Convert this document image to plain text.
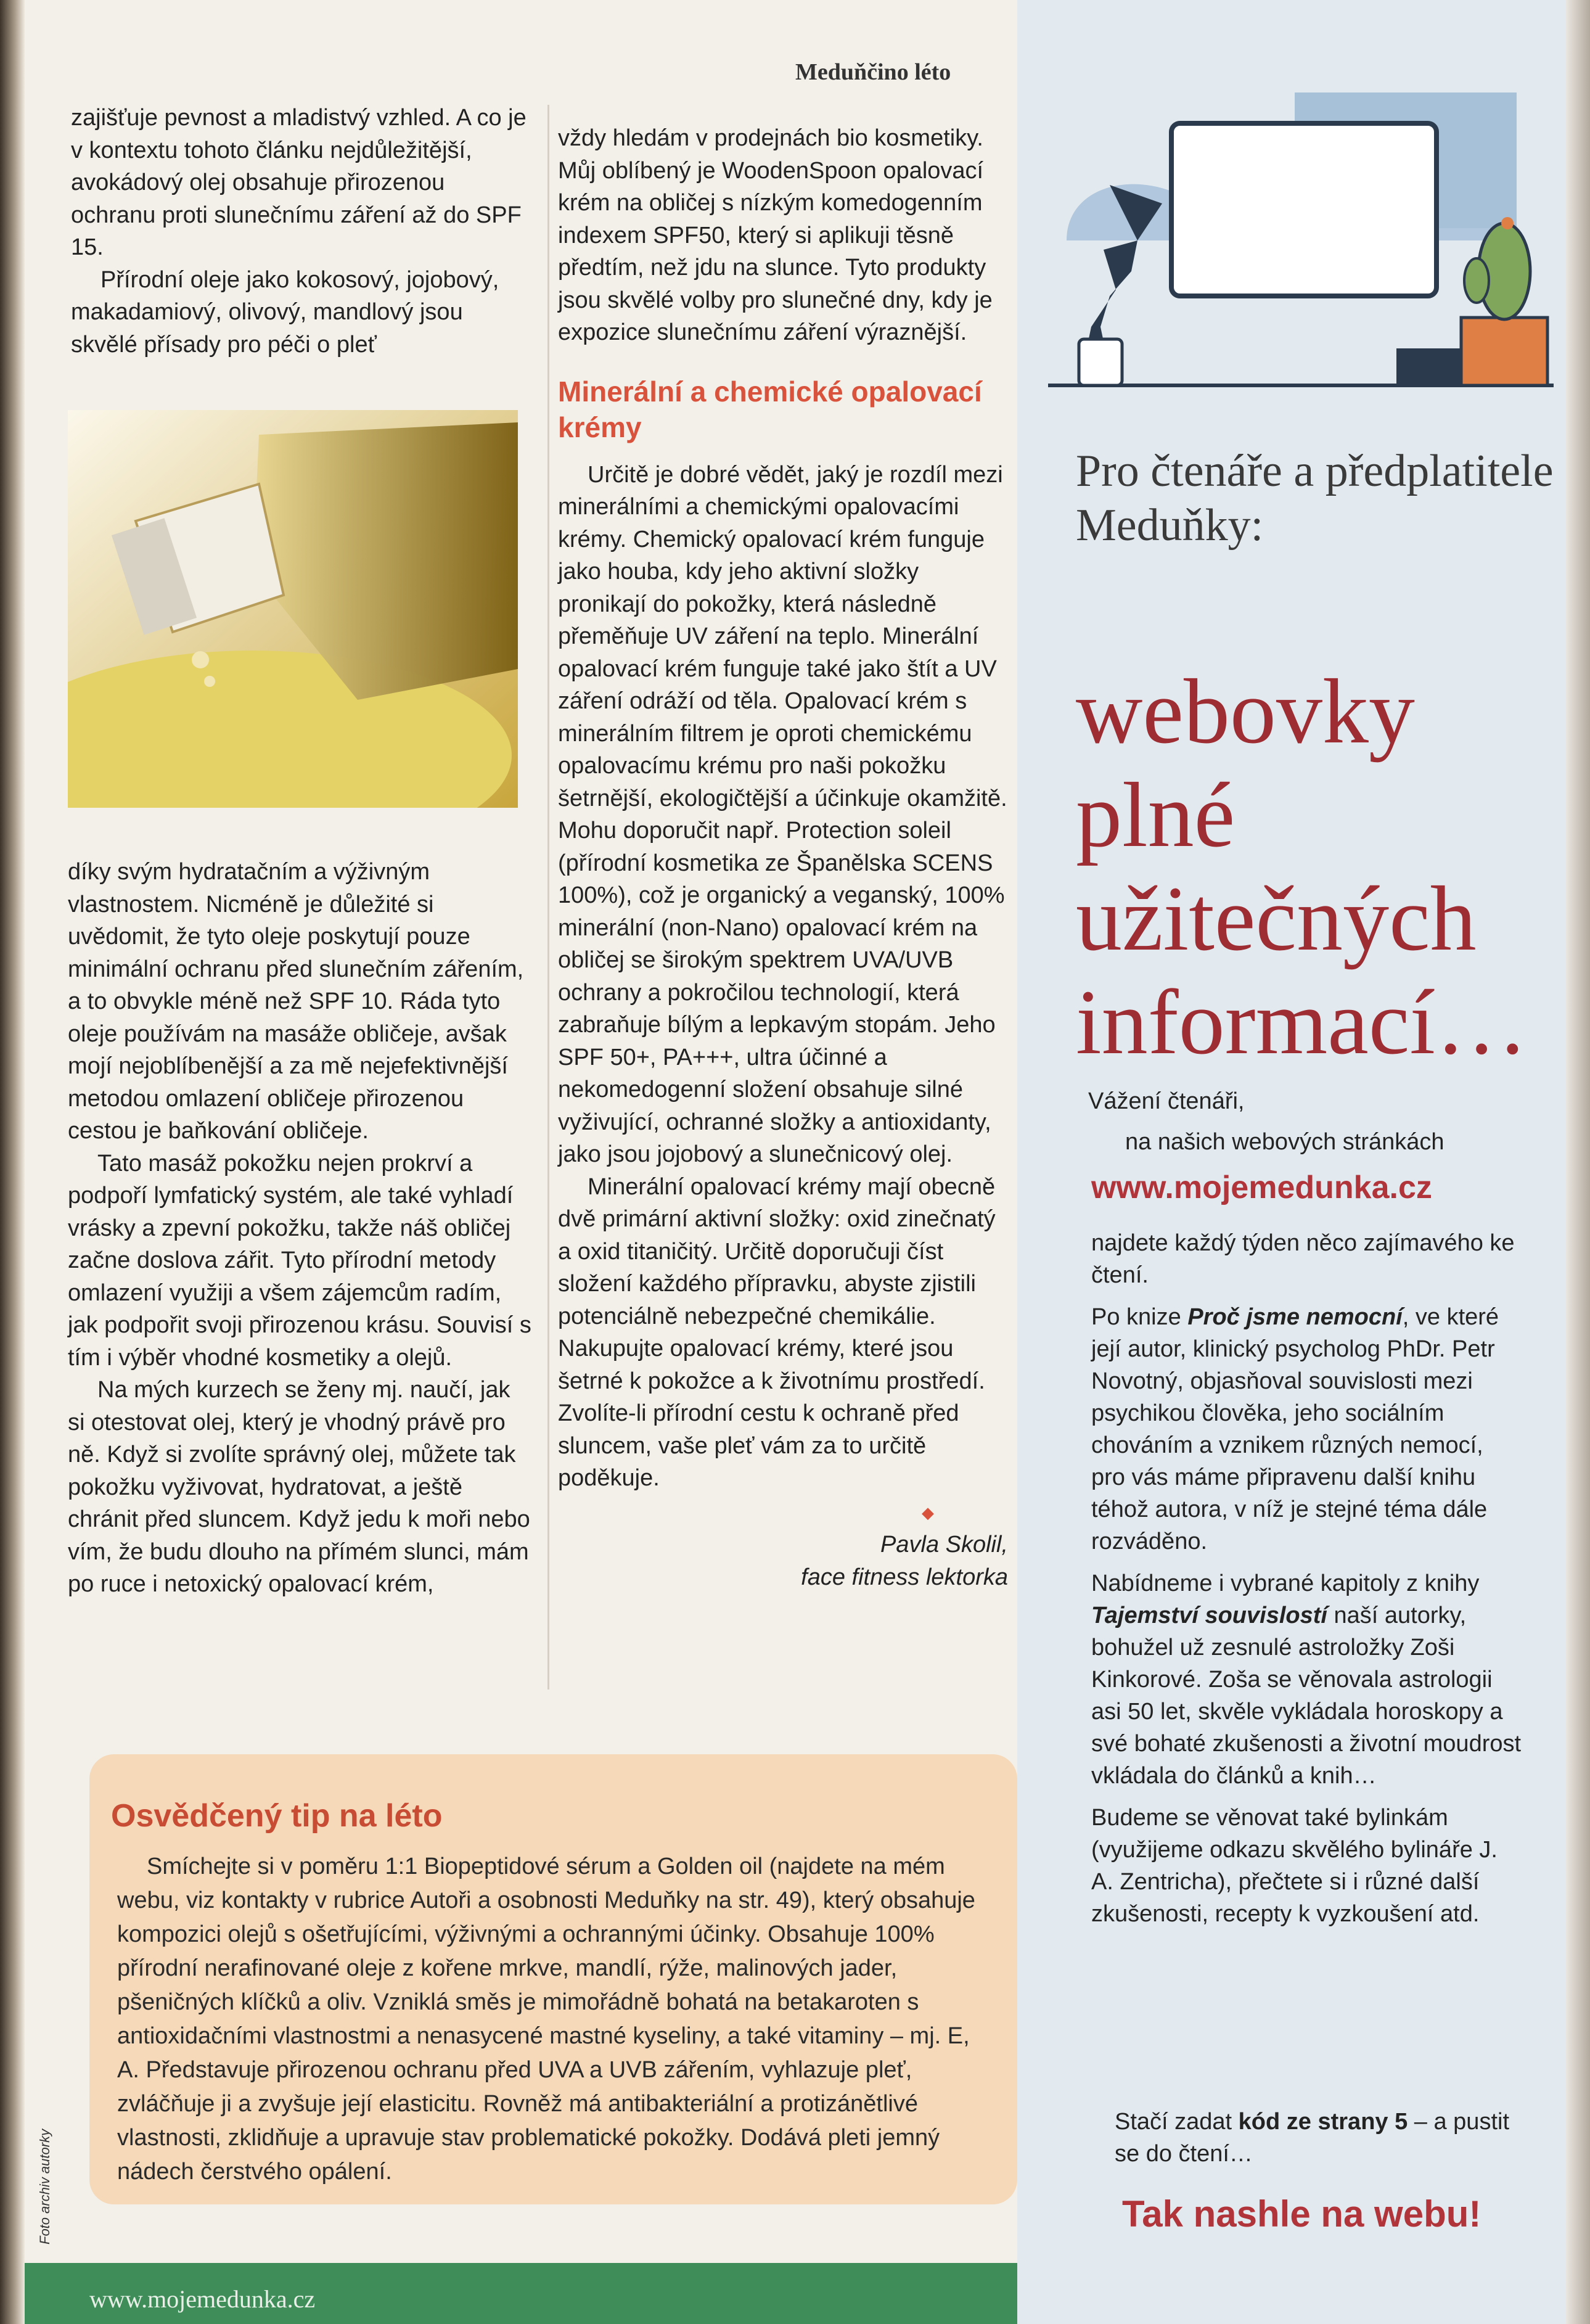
Meduňčino léto

zajišťuje pevnost a mladistvý vzhled. A co je v kontextu tohoto článku nejdůležitější, avokádový olej obsahuje přirozenou ochranu proti slunečnímu záření až do SPF 15.

Přírodní oleje jako kokosový, jojobový, makadamiový, olivový, mandlový jsou skvělé přísady pro péči o pleť

díky svým hydratačním a výživným vlastnostem. Nicméně je důležité si uvědomit, že tyto oleje poskytují pouze minimální ochranu před slunečním zářením, a to obvykle méně než SPF 10. Ráda tyto oleje používám na masáže obličeje, avšak mojí nejoblíbenější a za mě nejefektivnější metodou omlazení obličeje přirozenou cestou je baňkování obličeje.

Tato masáž pokožku nejen prokrví a podpoří lymfatický systém, ale také vyhladí vrásky a zpevní pokožku, takže náš obličej začne doslova zářit. Tyto přírodní metody omlazení využiji a všem zájemcům radím, jak podpořit svoji přirozenou krásu. Souvisí s tím i výběr vhodné kosmetiky a olejů.

Na mých kurzech se ženy mj. naučí, jak si otestovat olej, který je vhodný právě pro ně. Když si zvolíte správný olej, můžete tak pokožku vyživovat, hydratovat, a ještě chránit před sluncem. Když jedu k moři nebo vím, že budu dlouho na přímém slunci, mám po ruce i netoxický opalovací krém,

vždy hledám v prodejnách bio kosmetiky. Můj oblíbený je WoodenSpoon opalovací krém na obličej s nízkým komedogenním indexem SPF50, který si aplikuji těsně předtím, než jdu na slunce. Tyto produkty jsou skvělé volby pro slunečné dny, kdy je expozice slunečnímu záření výraznější.

Minerální a chemické opalovací krémy

Určitě je dobré vědět, jaký je rozdíl mezi minerálními a chemickými opalovacími krémy. Chemický opalovací krém funguje jako houba, kdy jeho aktivní složky pronikají do pokožky, která následně přeměňuje UV záření na teplo. Minerální opalovací krém funguje také jako štít a UV záření odráží od těla. Opalovací krém s minerálním filtrem je oproti chemickému opalovacímu krému pro naši pokožku šetrnější, ekologičtější a účinkuje okamžitě. Mohu doporučit např. Protection soleil (přírodní kosmetika ze Španělska SCENS 100%), což je organický a veganský, 100% minerální (non-Nano) opalovací krém na obličej se širokým spektrem UVA/UVB ochrany a pokročilou technologií, která zabraňuje bílým a lepkavým stopám. Jeho SPF 50+, PA+++, ultra účinné a nekomedogenní složení obsahuje silné vyživující, ochranné složky a antioxidanty, jako jsou jojobový a slunečnicový olej.

Minerální opalovací krémy mají obecně dvě primární aktivní složky: oxid zinečnatý a oxid titaničitý. Určitě doporučuji číst složení každého přípravku, abyste zjistili potenciálně nebezpečné chemikálie. Nakupujte opalovací krémy, které jsou šetrné k pokožce a k životnímu prostředí. Zvolíte-li přírodní cestu k ochraně před sluncem, vaše pleť vám za to určitě poděkuje.

◆

Pavla Skolil,

face fitness lektorka

Osvědčený tip na léto

Smíchejte si v poměru 1:1 Biopeptidové sérum a Golden oil (najdete na mém webu, viz kontakty v rubrice Autoři a osobnosti Meduňky na str. 49), který obsahuje kompozici olejů s ošetřujícími, výživnými a ochrannými účinky. Obsahuje 100% přírodní nerafinované oleje z kořene mrkve, mandlí, rýže, malinových jader, pšeničných klíčků a oliv. Vzniklá směs je mimořádně bohatá na betakaroten s antioxidačními vlastnostmi a nenasycené mastné kyseliny, a také vitaminy – mj. E, A. Představuje přirozenou ochranu před UVA a UVB zářením, vyhlazuje pleť, zvláčňuje ji a zvyšuje její elasticitu. Rovněž má antibakteriální a protizánětlivé vlastnosti, zklidňuje a upravuje stav problematické pokožky. Dodává pleti jemný nádech čerstvého opálení.

Foto archiv autorky
www.mojemedunka.cz
Pro čtenáře a předplatitele Meduňky:
webovky plné užitečných informací…

Vážení čtenáři,

na našich webových stránkách

www.mojemedunka.cz

najdete každý týden něco zajímavého ke čtení.

Po knize Proč jsme nemocní, ve které její autor, klinický psycholog PhDr. Petr Novotný, objasňoval souvislosti mezi psychikou člověka, jeho sociálním chováním a vznikem různých nemocí, pro vás máme připravenu další knihu téhož autora, v níž je stejné téma dále rozváděno.

Nabídneme i vybrané kapitoly z knihy Tajemství souvislostí naší autorky, bohužel už zesnulé astroložky Zoši Kinkorové. Zoša se věnovala astrologii asi 50 let, skvěle vykládala horoskopy a své bohaté zkušenosti a životní moudrost vkládala do článků a knih…

Budeme se věnovat také bylinkám (využijeme odkazu skvělého bylináře J. A. Zentricha), přečtete si i různé další zkušenosti, recepty k vyzkoušení atd.

Stačí zadat kód ze strany 5 – a pustit se do čtení…

Tak nashle na webu!
